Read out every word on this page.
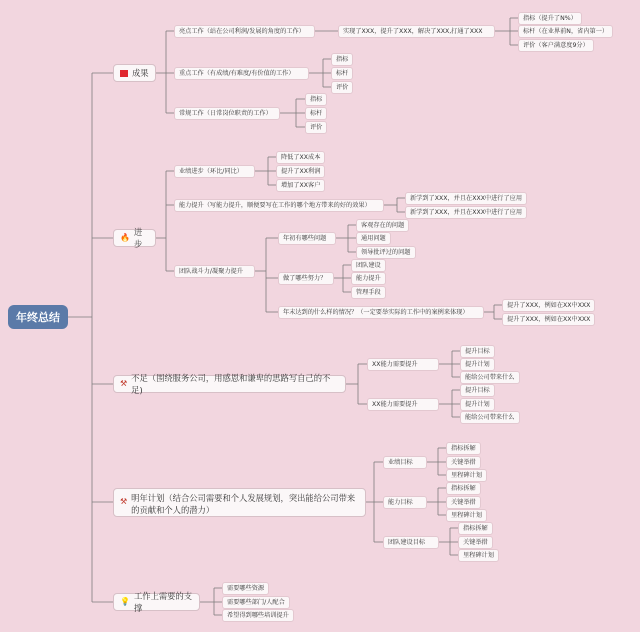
年终总结
成果
亮点工作（站在公司利润/发展的角度的工作）	实现了XXX，提升了XXX，解决了XXX,打通了XXX
指标（提升了N%）
标杆（在业界前N，省内第一）
评价（客户满意度9分）
重点工作（有成绩/有难度/有价值的工作）
指标
标杆
评价
常规工作（日常岗位职责的工作）
指标
标杆
评价
🔥
进步
业绩进步（环比/同比）
降低了XX成本
提升了XX利润
增加了XX客户
能力提升（写能力提升，顺便要写在工作的哪个地方带来的好的效果）
新学到了XXX，并且在XXX中进行了应用
新学到了XXX，并且在XXX中进行了应用
团队战斗力/凝聚力提升
年初有哪些问题
客观存在的问题
通用问题
领导批评过的问题
做了哪些努力？
团队建设
能力提升
管理手段
年末达到的什么样的情况？（一定要举实际的工作中的案例来体现）
提升了XXX，例如在XX中XXX
提升了XXX，例如在XX中XXX
⚒
不足（围绕服务公司，用感恩和谦卑的思路写自己的不足)
XX能力需要提升
提升目标
提升计划
能给公司带来什么
XX能力需要提升
提升目标
提升计划
能给公司带来什么
⚒ 明年计划（结合公司需要和个人发展规划，突出能给公司带来的贡献和个人的潜力）
业绩目标
指标拆解
关键举措
里程碑计划
能力目标
指标拆解
关键举措
里程碑计划
团队建设目标
指标拆解
关键举措
里程碑计划
💡
工作上需要的支撑
需要哪些资源
需要哪些部门/人配合
希望得到哪些培训提升
